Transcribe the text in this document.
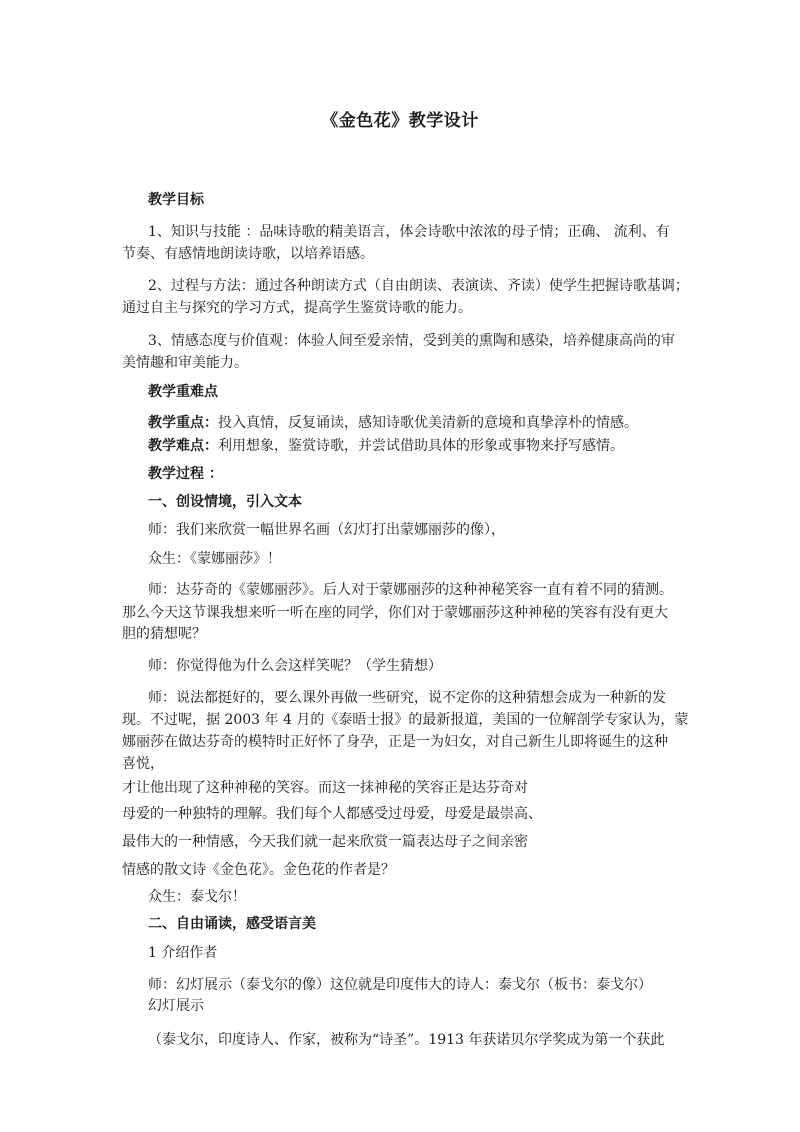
《金色花》教学设计
教学目标
1、知识与技能 ：品味诗歌的精美语言，体会诗歌中浓浓的母子情；正确、 流利、有
节奏、有感情地朗读诗歌，以培养语感。
2、过程与方法：通过各种朗读方式（自由朗读、表演读、齐读）使学生把握诗歌基调；
通过自主与探究的学习方式，提高学生鉴赏诗歌的能力。
3、情感态度与价值观：体验人间至爱亲情，受到美的熏陶和感染，培养健康高尚的审
美情趣和审美能力。
教学重难点
教学重点：投入真情，反复诵读，感知诗歌优美清新的意境和真挚淳朴的情感。
教学难点：利用想象，鉴赏诗歌，并尝试借助具体的形象或事物来抒写感情。
教学过程 ：
一、创设情境，引入文本
师：我们来欣赏一幅世界名画（幻灯打出蒙娜丽莎的像），
众生：《蒙娜丽莎》！
师：达芬奇的《蒙娜丽莎》。后人对于蒙娜丽莎的这种神秘笑容一直有着不同的猜测。
那么今天这节课我想来听一听在座的同学，你们对于蒙娜丽莎这种神秘的笑容有没有更大
胆的猜想呢？
师：你觉得他为什么会这样笑呢？（学生猜想）
师：说法都挺好的，要么课外再做一些研究，说不定你的这种猜想会成为一种新的发
现。不过呢，据 2003 年 4 月的《泰晤士报》的最新报道，美国的一位解剖学专家认为，蒙
娜丽莎在做达芬奇的模特时正好怀了身孕，正是一为妇女，对自己新生儿即将诞生的这种
喜悦，
才让他出现了这种神秘的笑容。而这一抹神秘的笑容正是达芬奇对
母爱的一种独特的理解。我们每个人都感受过母爱，母爱是最崇高、
最伟大的一种情感，今天我们就一起来欣赏一篇表达母子之间亲密
情感的散文诗《金色花》。金色花的作者是？
众生：泰戈尔！
二、自由诵读，感受语言美
1 介绍作者
师：幻灯展示（泰戈尔的像）这位就是印度伟大的诗人：泰戈尔（板书：泰戈尔）
幻灯展示
（泰戈尔，印度诗人、作家，被称为“诗圣”。1913 年获诺贝尔学奖成为第一个获此
